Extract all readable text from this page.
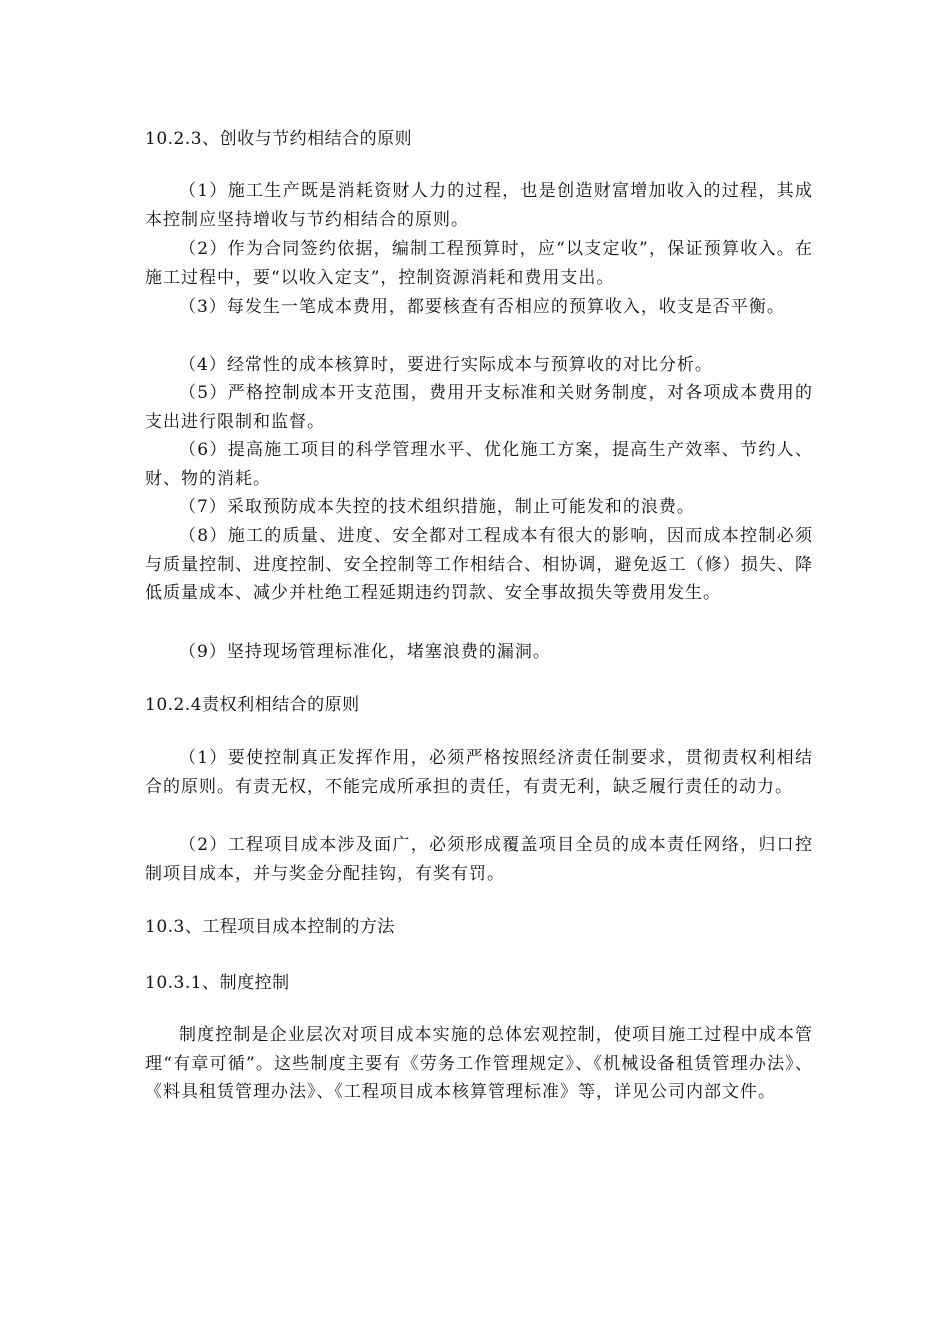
10.2.3、创收与节约相结合的原则
（1）施工生产既是消耗资财人力的过程，也是创造财富增加收入的过程，其成本控制应坚持增收与节约相结合的原则。
（2）作为合同签约依据，编制工程预算时，应“以支定收”，保证预算收入。在施工过程中，要“以收入定支”，控制资源消耗和费用支出。
（3）每发生一笔成本费用，都要核查有否相应的预算收入，收支是否平衡。
（4）经常性的成本核算时，要进行实际成本与预算收的对比分析。
（5）严格控制成本开支范围，费用开支标准和关财务制度，对各项成本费用的支出进行限制和监督。
（6）提高施工项目的科学管理水平、优化施工方案，提高生产效率、节约人、财、物的消耗。
（7）采取预防成本失控的技术组织措施，制止可能发和的浪费。
（8）施工的质量、进度、安全都对工程成本有很大的影响，因而成本控制必须与质量控制、进度控制、安全控制等工作相结合、相协调，避免返工（修）损失、降低质量成本、减少并杜绝工程延期违约罚款、安全事故损失等费用发生。
（9）坚持现场管理标准化，堵塞浪费的漏洞。
10.2.4责权利相结合的原则
（1）要使控制真正发挥作用，必须严格按照经济责任制要求，贯彻责权利相结合的原则。有责无权，不能完成所承担的责任，有责无利，缺乏履行责任的动力。
（2）工程项目成本涉及面广，必须形成覆盖项目全员的成本责任网络，归口控制项目成本，并与奖金分配挂钩，有奖有罚。
10.3、工程项目成本控制的方法
10.3.1、制度控制
制度控制是企业层次对项目成本实施的总体宏观控制，使项目施工过程中成本管理“有章可循”。这些制度主要有《劳务工作管理规定》、《机械设备租赁管理办法》、《料具租赁管理办法》、《工程项目成本核算管理标准》等，详见公司内部文件。
